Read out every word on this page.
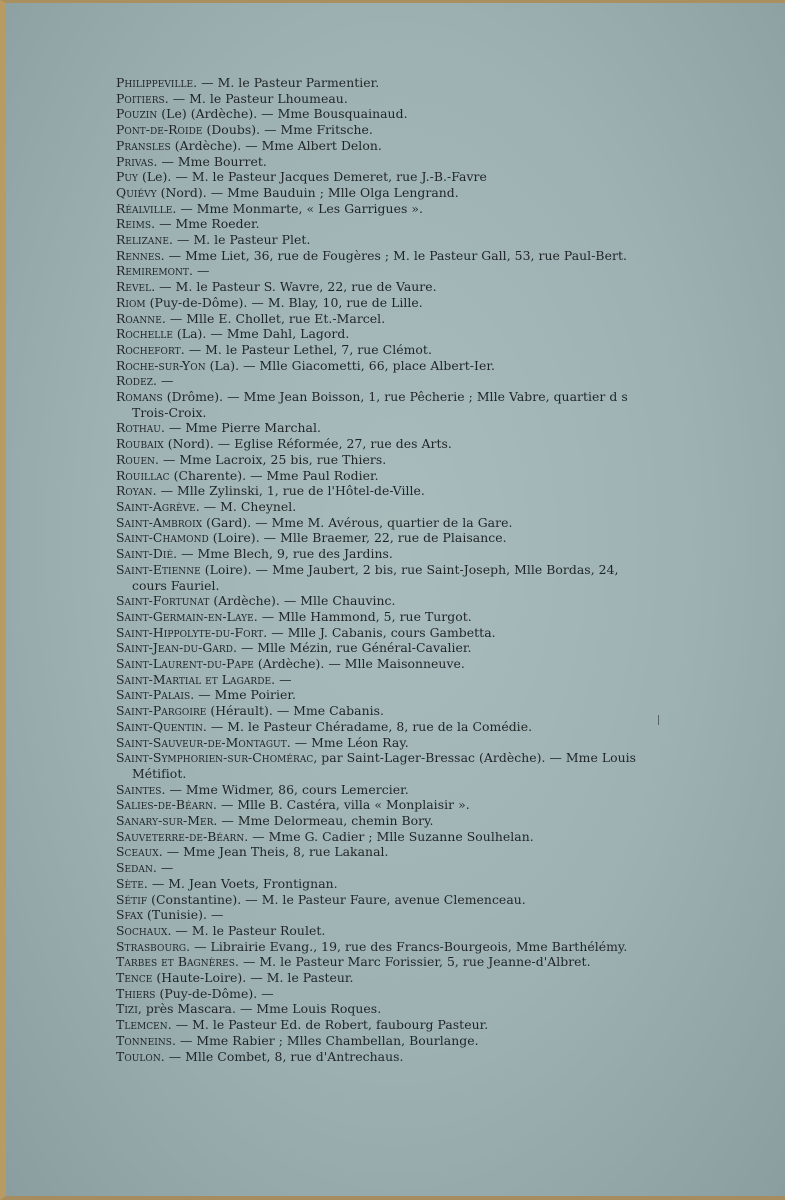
Philippeville. — M. le Pasteur Parmentier.
Poitiers. — M. le Pasteur Lhoumeau.
Pouzin (Le) (Ardèche). — Mme Bousquainaud.
Pont-de-Roide (Doubs). — Mme Fritsche.
Pransles (Ardèche). — Mme Albert Delon.
Privas. — Mme Bourret.
Puy (Le). — M. le Pasteur Jacques Demeret, rue J.-B.-Favre
Quiévy (Nord). — Mme Bauduin ; Mlle Olga Lengrand.
Réalville. — Mme Monmarte, « Les Garrigues ».
Reims. — Mme Roeder.
Relizane. — M. le Pasteur Plet.
Rennes. — Mme Liet, 36, rue de Fougères ; M. le Pasteur Gall, 53, rue Paul-Bert.
Remiremont. —
Revel. — M. le Pasteur S. Wavre, 22, rue de Vaure.
Riom (Puy-de-Dôme). — M. Blay, 10, rue de Lille.
Roanne. — Mlle E. Chollet, rue Et.-Marcel.
Rochelle (La). — Mme Dahl, Lagord.
Rochefort. — M. le Pasteur Lethel, 7, rue Clémot.
Roche-sur-Yon (La). — Mlle Giacometti, 66, place Albert-Ier.
Rodez. —
Romans (Drôme). — Mme Jean Boisson, 1, rue Pêcherie ; Mlle Vabre, quartier d s Trois-Croix.
Rothau. — Mme Pierre Marchal.
Roubaix (Nord). — Eglise Réformée, 27, rue des Arts.
Rouen. — Mme Lacroix, 25 bis, rue Thiers.
Rouillac (Charente). — Mme Paul Rodier.
Royan. — Mlle Zylinski, 1, rue de l'Hôtel-de-Ville.
Saint-Agrève. — M. Cheynel.
Saint-Ambroix (Gard). — Mme M. Avérous, quartier de la Gare.
Saint-Chamond (Loire). — Mlle Braemer, 22, rue de Plaisance.
Saint-Dié. — Mme Blech, 9, rue des Jardins.
Saint-Etienne (Loire). — Mme Jaubert, 2 bis, rue Saint-Joseph, Mlle Bordas, 24, cours Fauriel.
Saint-Fortunat (Ardèche). — Mlle Chauvinc.
Saint-Germain-en-Laye. — Mlle Hammond, 5, rue Turgot.
Saint-Hippolyte-du-Fort. — Mlle J. Cabanis, cours Gambetta.
Saint-Jean-du-Gard. — Mlle Mézin, rue Général-Cavalier.
Saint-Laurent-du-Pape (Ardèche). — Mlle Maisonneuve.
Saint-Martial et Lagarde. —
Saint-Palais. — Mme Poirier.
Saint-Pargoire (Hérault). — Mme Cabanis.
Saint-Quentin. — M. le Pasteur Chéradame, 8, rue de la Comédie.
Saint-Sauveur-de-Montagut. — Mme Léon Ray.
Saint-Symphorien-sur-Chomérac, par Saint-Lager-Bressac (Ardèche). — Mme Louis Métifiot.
Saintes. — Mme Widmer, 86, cours Lemercier.
Salies-de-Béarn. — Mlle B. Castéra, villa « Monplaisir ».
Sanary-sur-Mer. — Mme Delormeau, chemin Bory.
Sauveterre-de-Béarn. — Mme G. Cadier ; Mlle Suzanne Soulhelan.
Sceaux. — Mme Jean Theis, 8, rue Lakanal.
Sedan. —
Sète. — M. Jean Voets, Frontignan.
Sétif (Constantine). — M. le Pasteur Faure, avenue Clemenceau.
Sfax (Tunisie). —
Sochaux. — M. le Pasteur Roulet.
Strasbourg. — Librairie Evang., 19, rue des Francs-Bourgeois, Mme Barthélémy.
Tarbes et Bagnères. — M. le Pasteur Marc Forissier, 5, rue Jeanne-d'Albret.
Tence (Haute-Loire). — M. le Pasteur.
Thiers (Puy-de-Dôme). —
Tizi, près Mascara. — Mme Louis Roques.
Tlemcen. — M. le Pasteur Ed. de Robert, faubourg Pasteur.
Tonneins. — Mme Rabier ; Mlles Chambellan, Bourlange.
Toulon. — Mlle Combet, 8, rue d'Antrechaus.
